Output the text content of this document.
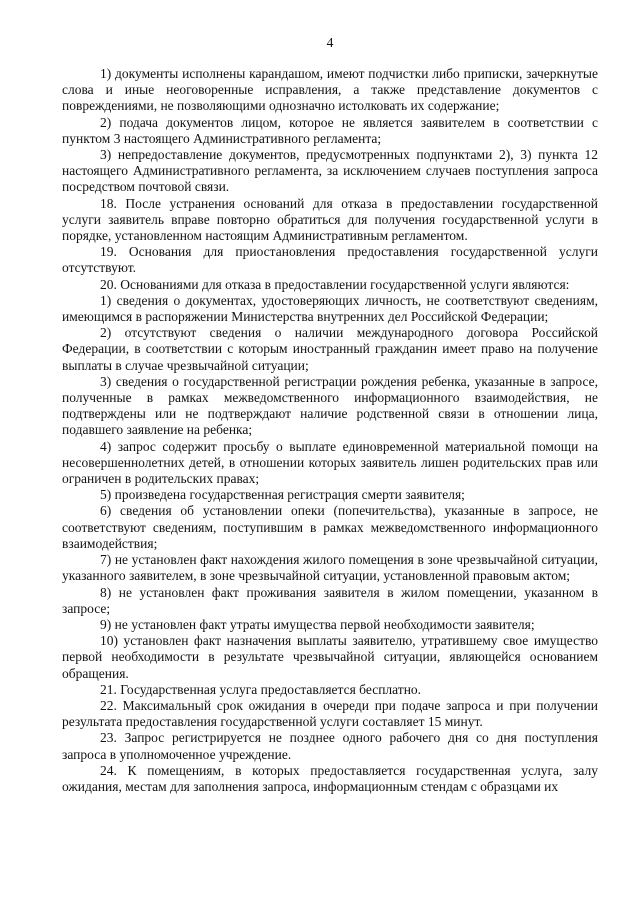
4

1) документы исполнены карандашом, имеют подчистки либо приписки, зачеркнутые слова и иные неоговоренные исправления, а также представление документов с повреждениями, не позволяющими однозначно истолковать их содержание;

2) подача документов лицом, которое не является заявителем в соответствии с пунктом 3 настоящего Административного регламента;

3) непредоставление документов, предусмотренных подпунктами 2), 3) пункта 12 настоящего Административного регламента, за исключением случаев поступления запроса посредством почтовой связи.

18. После устранения оснований для отказа в предоставлении государственной услуги заявитель вправе повторно обратиться для получения государственной услуги в порядке, установленном настоящим Административным регламентом.

19. Основания для приостановления предоставления государственной услуги отсутствуют.

20. Основаниями для отказа в предоставлении государственной услуги являются:

1) сведения о документах, удостоверяющих личность, не соответствуют сведениям, имеющимся в распоряжении Министерства внутренних дел Российской Федерации;

2) отсутствуют сведения о наличии международного договора Российской Федерации, в соответствии с которым иностранный гражданин имеет право на получение выплаты в случае чрезвычайной ситуации;

3) сведения о государственной регистрации рождения ребенка, указанные в запросе, полученные в рамках межведомственного информационного взаимодействия, не подтверждены или не подтверждают наличие родственной связи в отношении лица, подавшего заявление на ребенка;

4) запрос содержит просьбу о выплате единовременной материальной помощи на несовершеннолетних детей, в отношении которых заявитель лишен родительских прав или ограничен в родительских правах;

5) произведена государственная регистрация смерти заявителя;

6) сведения об установлении опеки (попечительства), указанные в запросе, не соответствуют сведениям, поступившим в рамках межведомственного информационного взаимодействия;

7) не установлен факт нахождения жилого помещения в зоне чрезвычайной ситуации, указанного заявителем, в зоне чрезвычайной ситуации, установленной правовым актом;

8) не установлен факт проживания заявителя в жилом помещении, указанном в запросе;

9) не установлен факт утраты имущества первой необходимости заявителя;

10) установлен факт назначения выплаты заявителю, утратившему свое имущество первой необходимости в результате чрезвычайной ситуации, являющейся основанием обращения.

21. Государственная услуга предоставляется бесплатно.

22. Максимальный срок ожидания в очереди при подаче запроса и при получении результата предоставления государственной услуги составляет 15 минут.

23. Запрос регистрируется не позднее одного рабочего дня со дня поступления запроса в уполномоченное учреждение.

24. К помещениям, в которых предоставляется государственная услуга, залу ожидания, местам для заполнения запроса, информационным стендам с образцами их
